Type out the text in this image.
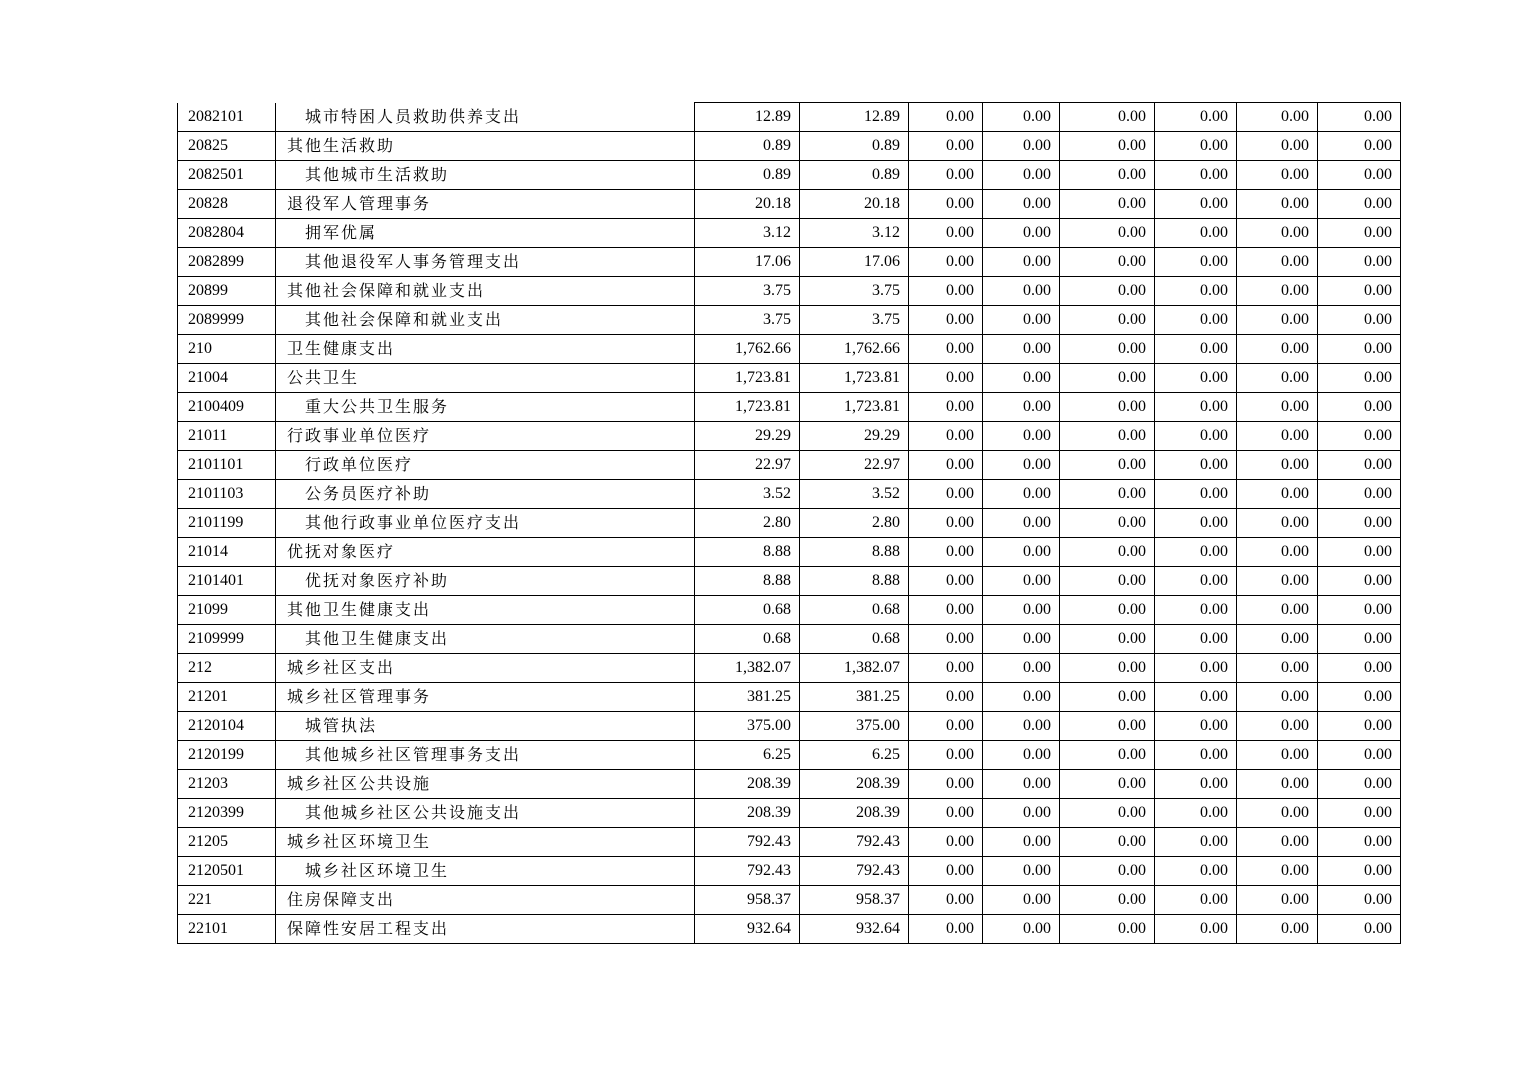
2082101	城市特困人员救助供养支出	12.89	12.89	0.00	0.00	0.00	0.00	0.00	0.00
20825	其他生活救助	0.89	0.89	0.00	0.00	0.00	0.00	0.00	0.00
2082501	其他城市生活救助	0.89	0.89	0.00	0.00	0.00	0.00	0.00	0.00
20828	退役军人管理事务	20.18	20.18	0.00	0.00	0.00	0.00	0.00	0.00
2082804	拥军优属	3.12	3.12	0.00	0.00	0.00	0.00	0.00	0.00
2082899	其他退役军人事务管理支出	17.06	17.06	0.00	0.00	0.00	0.00	0.00	0.00
20899	其他社会保障和就业支出	3.75	3.75	0.00	0.00	0.00	0.00	0.00	0.00
2089999	其他社会保障和就业支出	3.75	3.75	0.00	0.00	0.00	0.00	0.00	0.00
210	卫生健康支出	1,762.66	1,762.66	0.00	0.00	0.00	0.00	0.00	0.00
21004	公共卫生	1,723.81	1,723.81	0.00	0.00	0.00	0.00	0.00	0.00
2100409	重大公共卫生服务	1,723.81	1,723.81	0.00	0.00	0.00	0.00	0.00	0.00
21011	行政事业单位医疗	29.29	29.29	0.00	0.00	0.00	0.00	0.00	0.00
2101101	行政单位医疗	22.97	22.97	0.00	0.00	0.00	0.00	0.00	0.00
2101103	公务员医疗补助	3.52	3.52	0.00	0.00	0.00	0.00	0.00	0.00
2101199	其他行政事业单位医疗支出	2.80	2.80	0.00	0.00	0.00	0.00	0.00	0.00
21014	优抚对象医疗	8.88	8.88	0.00	0.00	0.00	0.00	0.00	0.00
2101401	优抚对象医疗补助	8.88	8.88	0.00	0.00	0.00	0.00	0.00	0.00
21099	其他卫生健康支出	0.68	0.68	0.00	0.00	0.00	0.00	0.00	0.00
2109999	其他卫生健康支出	0.68	0.68	0.00	0.00	0.00	0.00	0.00	0.00
212	城乡社区支出	1,382.07	1,382.07	0.00	0.00	0.00	0.00	0.00	0.00
21201	城乡社区管理事务	381.25	381.25	0.00	0.00	0.00	0.00	0.00	0.00
2120104	城管执法	375.00	375.00	0.00	0.00	0.00	0.00	0.00	0.00
2120199	其他城乡社区管理事务支出	6.25	6.25	0.00	0.00	0.00	0.00	0.00	0.00
21203	城乡社区公共设施	208.39	208.39	0.00	0.00	0.00	0.00	0.00	0.00
2120399	其他城乡社区公共设施支出	208.39	208.39	0.00	0.00	0.00	0.00	0.00	0.00
21205	城乡社区环境卫生	792.43	792.43	0.00	0.00	0.00	0.00	0.00	0.00
2120501	城乡社区环境卫生	792.43	792.43	0.00	0.00	0.00	0.00	0.00	0.00
221	住房保障支出	958.37	958.37	0.00	0.00	0.00	0.00	0.00	0.00
22101	保障性安居工程支出	932.64	932.64	0.00	0.00	0.00	0.00	0.00	0.00
